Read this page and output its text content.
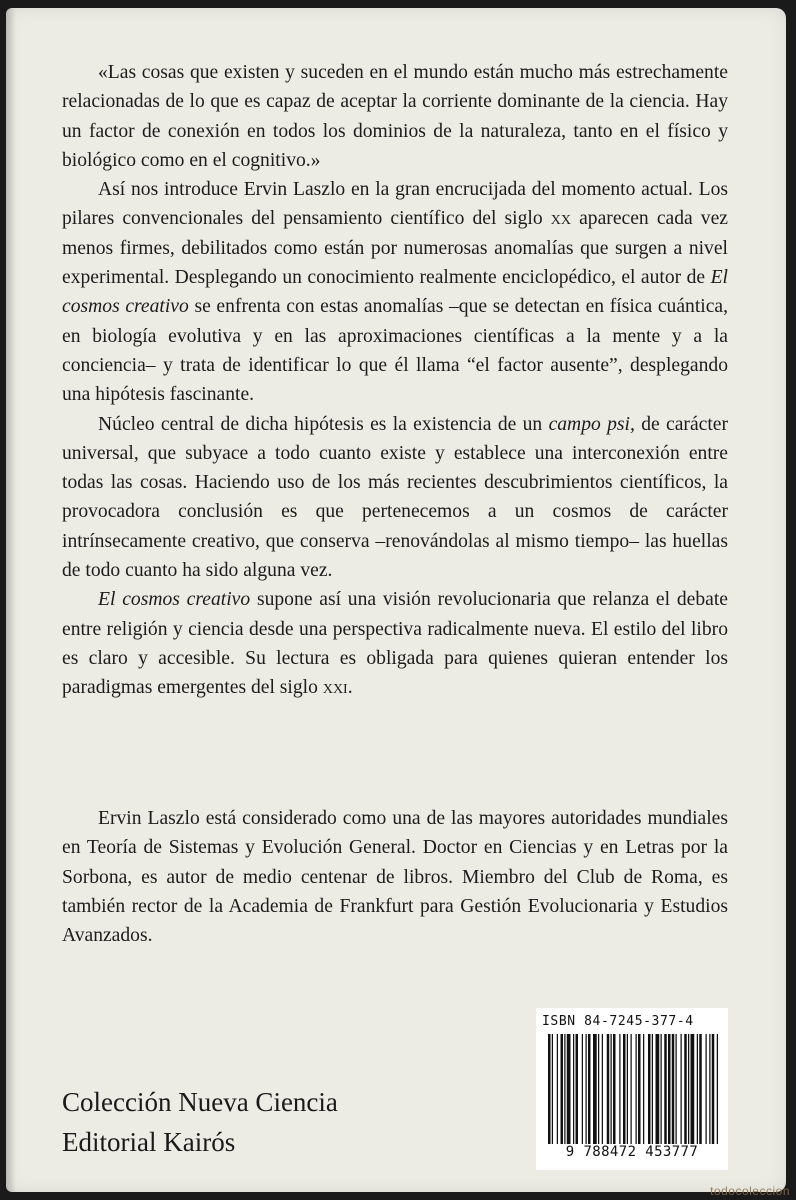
«Las cosas que existen y suceden en el mundo están mucho más estrechamente relacionadas de lo que es capaz de aceptar la corriente dominante de la ciencia. Hay un factor de conexión en todos los dominios de la naturaleza, tanto en el físico y biológico como en el cognitivo.»

Así nos introduce Ervin Laszlo en la gran encrucijada del momento actual. Los pilares convencionales del pensamiento científico del siglo xx aparecen cada vez menos firmes, debilitados como están por numerosas anomalías que surgen a nivel experimental. Desplegando un conocimiento realmente enciclopédico, el autor de El cosmos creativo se enfrenta con estas anomalías –que se detectan en física cuántica, en biología evolutiva y en las aproximaciones científicas a la mente y a la conciencia– y trata de identificar lo que él llama “el factor ausente”, desplegando una hipótesis fascinante.

Núcleo central de dicha hipótesis es la existencia de un campo psi, de carácter universal, que subyace a todo cuanto existe y establece una interconexión entre todas las cosas. Haciendo uso de los más recientes descubrimientos científicos, la provocadora conclusión es que pertenecemos a un cosmos de carácter intrínsecamente creativo, que conserva –renovándolas al mismo tiempo– las huellas de todo cuanto ha sido alguna vez.

El cosmos creativo supone así una visión revolucionaria que relanza el debate entre religión y ciencia desde una perspectiva radicalmente nueva. El estilo del libro es claro y accesible. Su lectura es obligada para quienes quieran entender los paradigmas emergentes del siglo xxi.

Ervin Laszlo está considerado como una de las mayores autoridades mundiales en Teoría de Sistemas y Evolución General. Doctor en Ciencias y en Letras por la Sorbona, es autor de medio centenar de libros. Miembro del Club de Roma, es también rector de la Academia de Frankfurt para Gestión Evolucionaria y Estudios Avanzados.

Colección Nueva Ciencia
Editorial Kairós
ISBN 84-7245-377-4
9 788472 453777
todocoleccion
